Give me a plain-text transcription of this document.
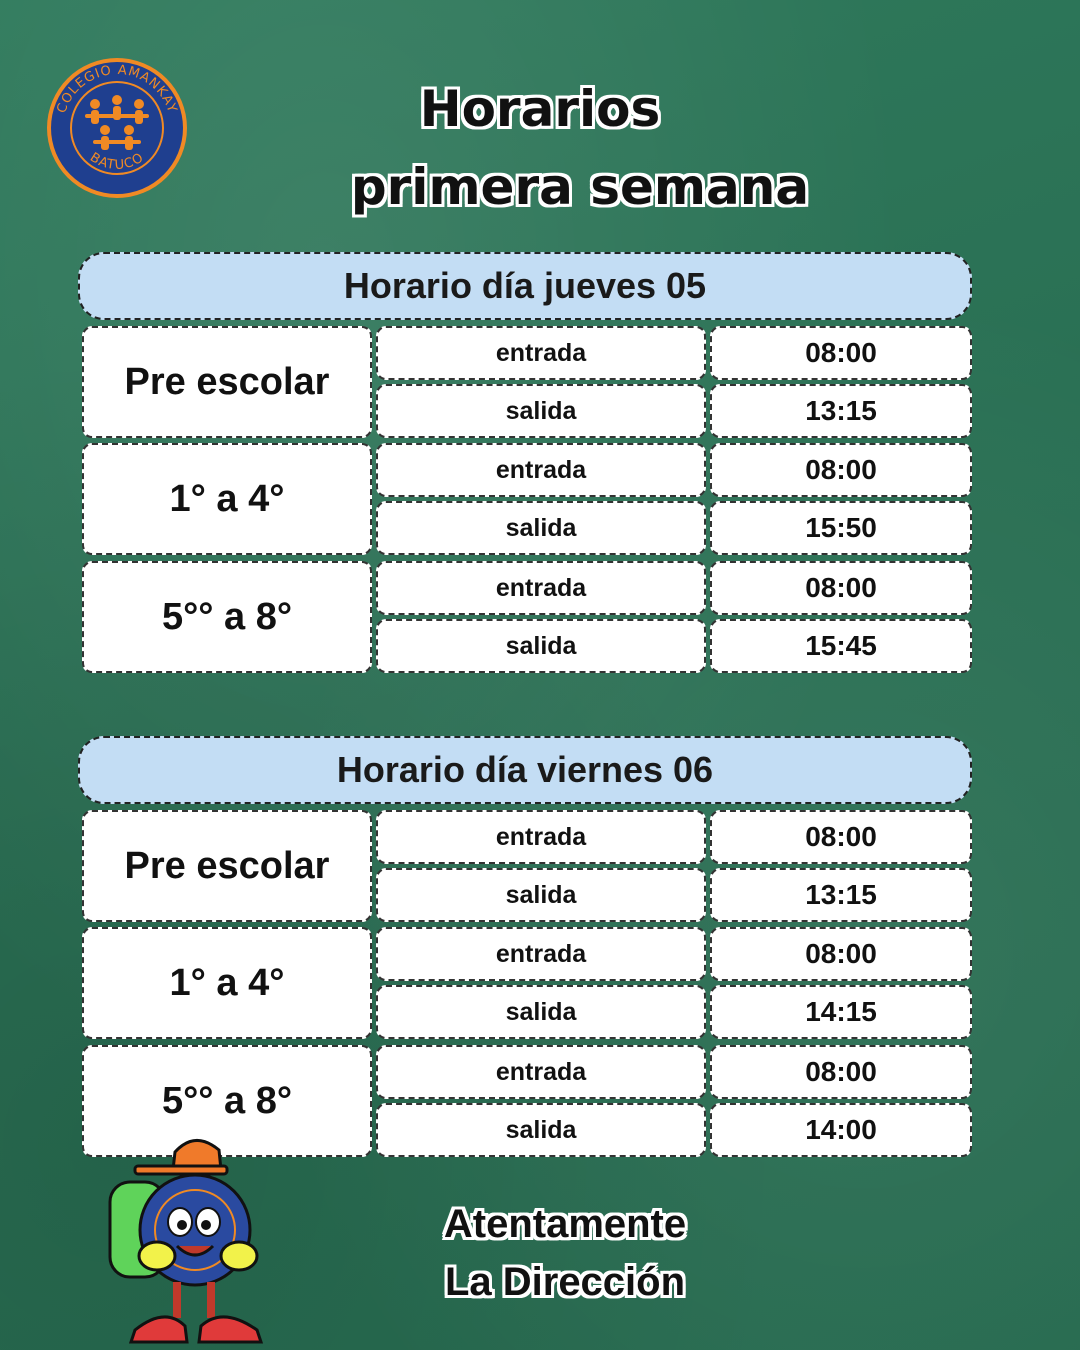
COLEGIO AMANKAY
BATUCO
Horarios
primera semana
Horario día jueves 05
Pre escolar
entrada	08:00
salida	13:15
1° a 4°
entrada	08:00
salida	15:50
5°° a 8°
entrada	08:00
salida	15:45
Horario día viernes 06
Pre escolar
entrada	08:00
salida	13:15
1° a 4°
entrada	08:00
salida	14:15
5°° a 8°
entrada	08:00
salida	14:00
Atentamente
La Dirección
